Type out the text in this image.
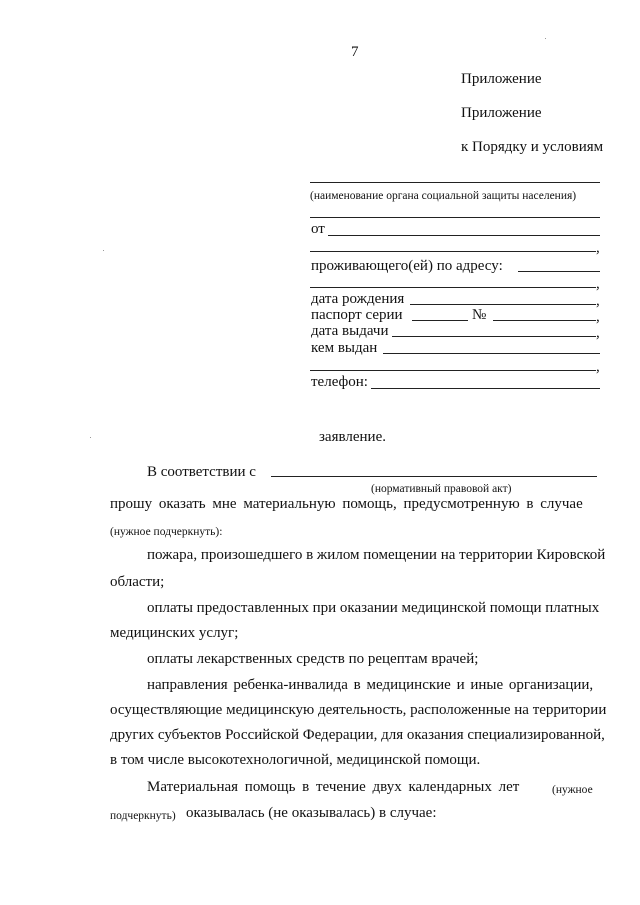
7
Приложение
Приложение
к Порядку и условиям
(наименование органа социальной защиты населения)
от
,
проживающего(ей) по адресу:
,
дата рождения	,
паспорт серии	№	,
дата выдачи	,
кем выдан
,
телефон:
заявление.
В соответствии с
(нормативный правовой акт)
прошу оказать мне материальную помощь, предусмотренную в случае
(нужное подчеркнуть):
пожара, произошедшего в жилом помещении на территории Кировской
области;
оплаты предоставленных при оказании медицинской помощи платных
медицинских услуг;
оплаты лекарственных средств по рецептам врачей;
направления ребенка-инвалида в медицинские и иные организации,
осуществляющие медицинскую деятельность, расположенные на территории
других субъектов Российской Федерации, для оказания специализированной,
в том числе высокотехнологичной, медицинской помощи.
Материальная помощь в течение двух календарных лет	(нужное
подчеркнуть) оказывалась (не оказывалась) в случае:
